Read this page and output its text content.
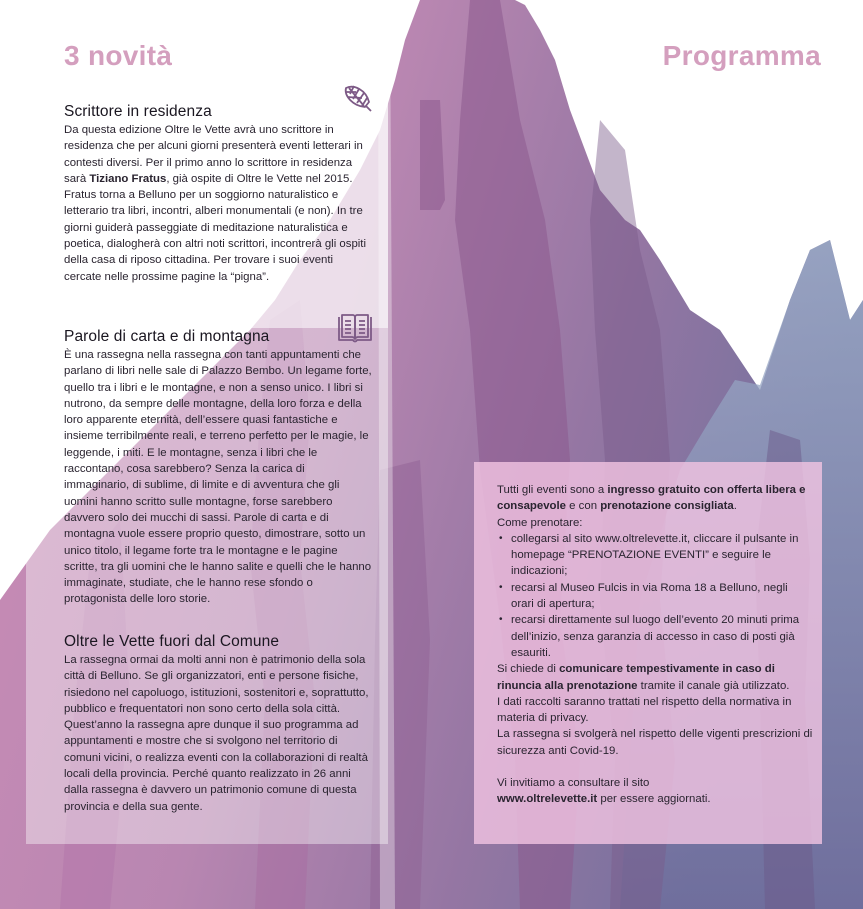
3 novità	Programma
Scrittore in residenza

Da questa edizione Oltre le Vette avrà uno scrittore in residenza che per alcuni giorni presenterà eventi letterari in contesti diversi. Per il primo anno lo scrittore in residenza sarà Tiziano Fratus, già ospite di Oltre le Vette nel 2015. Fratus torna a Belluno per un soggiorno naturalistico e letterario tra libri, incontri, alberi monumentali (e non). In tre giorni guiderà passeggiate di meditazione naturalistica e poetica, dialogherà con altri noti scrittori, incontrerà gli ospiti della casa di riposo cittadina. Per trovare i suoi eventi cercate nelle prossime pagine la “pigna”.

Parole di carta e di montagna

È una rassegna nella rassegna con tanti appuntamenti che parlano di libri nelle sale di Palazzo Bembo. Un legame forte, quello tra i libri e le montagne, e non a senso unico. I libri si nutrono, da sempre delle montagne, della loro forza e della loro apparente eternità, dell’essere quasi fantastiche e insieme terribilmente reali, e terreno perfetto per le magie, le leggende, i miti. E le montagne, senza i libri che le raccontano, cosa sarebbero? Senza la carica di immaginario, di sublime, di limite e di avventura che gli uomini hanno scritto sulle montagne, forse sarebbero davvero solo dei mucchi di sassi. Parole di carta e di montagna vuole essere proprio questo, dimostrare, sotto un unico titolo, il legame forte tra le montagne e le pagine scritte, tra gli uomini che le hanno salite e quelli che le hanno immaginate, studiate, che le hanno rese sfondo o protagonista delle loro storie.

Oltre le Vette fuori dal Comune

La rassegna ormai da molti anni non è patrimonio della sola città di Belluno. Se gli organizzatori, enti e persone fisiche, risiedono nel capoluogo, istituzioni, sostenitori e, soprattutto, pubblico e frequentatori non sono certo della sola città. Quest’anno la rassegna apre dunque il suo programma ad appuntamenti e mostre che si svolgono nel territorio di comuni vicini, o realizza eventi con la collaborazioni di realtà locali della provincia. Perché quanto realizzato in 26 anni dalla rassegna è davvero un patrimonio comune di questa provincia e della sua gente.

Tutti gli eventi sono a ingresso gratuito con offerta libera e consapevole e con prenotazione consigliata.

Come prenotare:

• collegarsi al sito www.oltrelevette.it, cliccare il pulsante in homepage “PRENOTAZIONE EVENTI” e seguire le indicazioni;
• recarsi al Museo Fulcis in via Roma 18 a Belluno, negli orari di apertura;
• recarsi direttamente sul luogo dell’evento 20 minuti prima dell’inizio, senza garanzia di accesso in caso di posti già esauriti.

Si chiede di comunicare tempestivamente in caso di rinuncia alla prenotazione tramite il canale già utilizzato.

I dati raccolti saranno trattati nel rispetto della normativa in materia di privacy.

La rassegna si svolgerà nel rispetto delle vigenti prescrizioni di sicurezza anti Covid-19.

Vi invitiamo a consultare il sito

www.oltrelevette.it per essere aggiornati.
